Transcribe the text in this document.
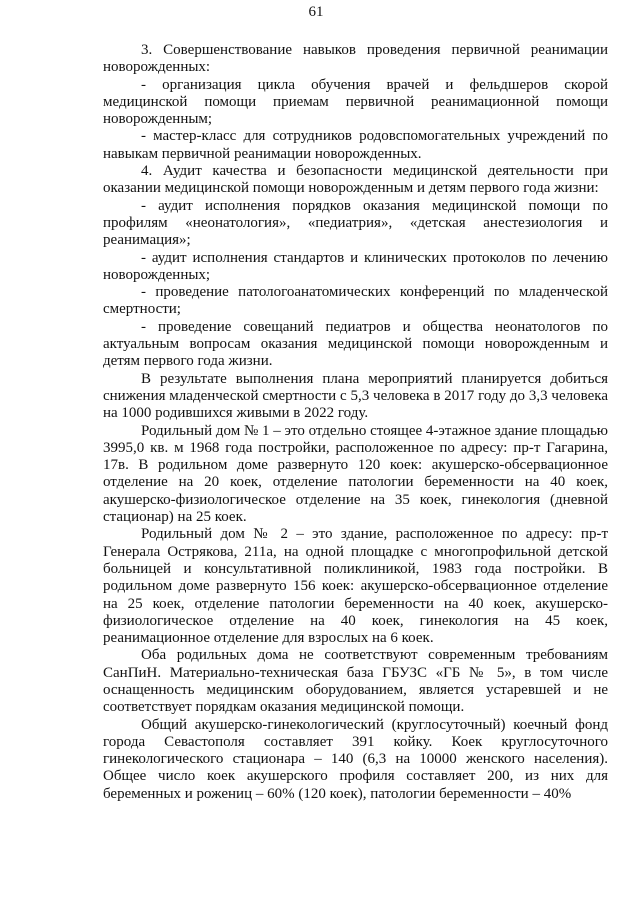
61

3. Совершенствование навыков проведения первичной реанимации новорожденных:

- организация цикла обучения врачей и фельдшеров скорой медицинской помощи приемам первичной реанимационной помощи новорожденным;

- мастер-класс для сотрудников родовспомогательных учреждений по навыкам первичной реанимации новорожденных.

4. Аудит качества и безопасности медицинской деятельности при оказании медицинской помощи новорожденным и детям первого года жизни:

- аудит исполнения порядков оказания медицинской помощи по профилям «неонатология», «педиатрия», «детская анестезиология и реанимация»;

- аудит исполнения стандартов и клинических протоколов по лечению новорожденных;

- проведение патологоанатомических конференций по младенческой смертности;

- проведение совещаний педиатров и общества неонатологов по актуальным вопросам оказания медицинской помощи новорожденным и детям первого года жизни.

В результате выполнения плана мероприятий планируется добиться снижения младенческой смертности с 5,3 человека в 2017 году до 3,3 человека на 1000 родившихся живыми в 2022 году.

Родильный дом № 1 – это отдельно стоящее 4-этажное здание площадью 3995,0 кв. м 1968 года постройки, расположенное по адресу: пр-т Гагарина, 17в. В родильном доме развернуто 120 коек: акушерско-обсервационное отделение на 20 коек, отделение патологии беременности на 40 коек, акушерско-физиологическое отделение на 35 коек, гинекология (дневной стационар) на 25 коек.

Родильный дом № 2 – это здание, расположенное по адресу: пр-т Генерала Острякова, 211а, на одной площадке с многопрофильной детской больницей и консультативной поликлиникой, 1983 года постройки. В родильном доме развернуто 156 коек: акушерско-обсервационное отделение на 25 коек, отделение патологии беременности на 40 коек, акушерско-физиологическое отделение на 40 коек, гинекология на 45 коек, реанимационное отделение для взрослых на 6 коек.

Оба родильных дома не соответствуют современным требованиям СанПиН. Материально-техническая база ГБУЗС «ГБ № 5», в том числе оснащенность медицинским оборудованием, является устаревшей и не соответствует порядкам оказания медицинской помощи.

Общий акушерско-гинекологический (круглосуточный) коечный фонд города Севастополя составляет 391 койку. Коек круглосуточного гинекологического стационара – 140 (6,3 на 10000 женского населения). Общее число коек акушерского профиля составляет 200, из них для беременных и рожениц – 60% (120 коек), патологии беременности – 40%
